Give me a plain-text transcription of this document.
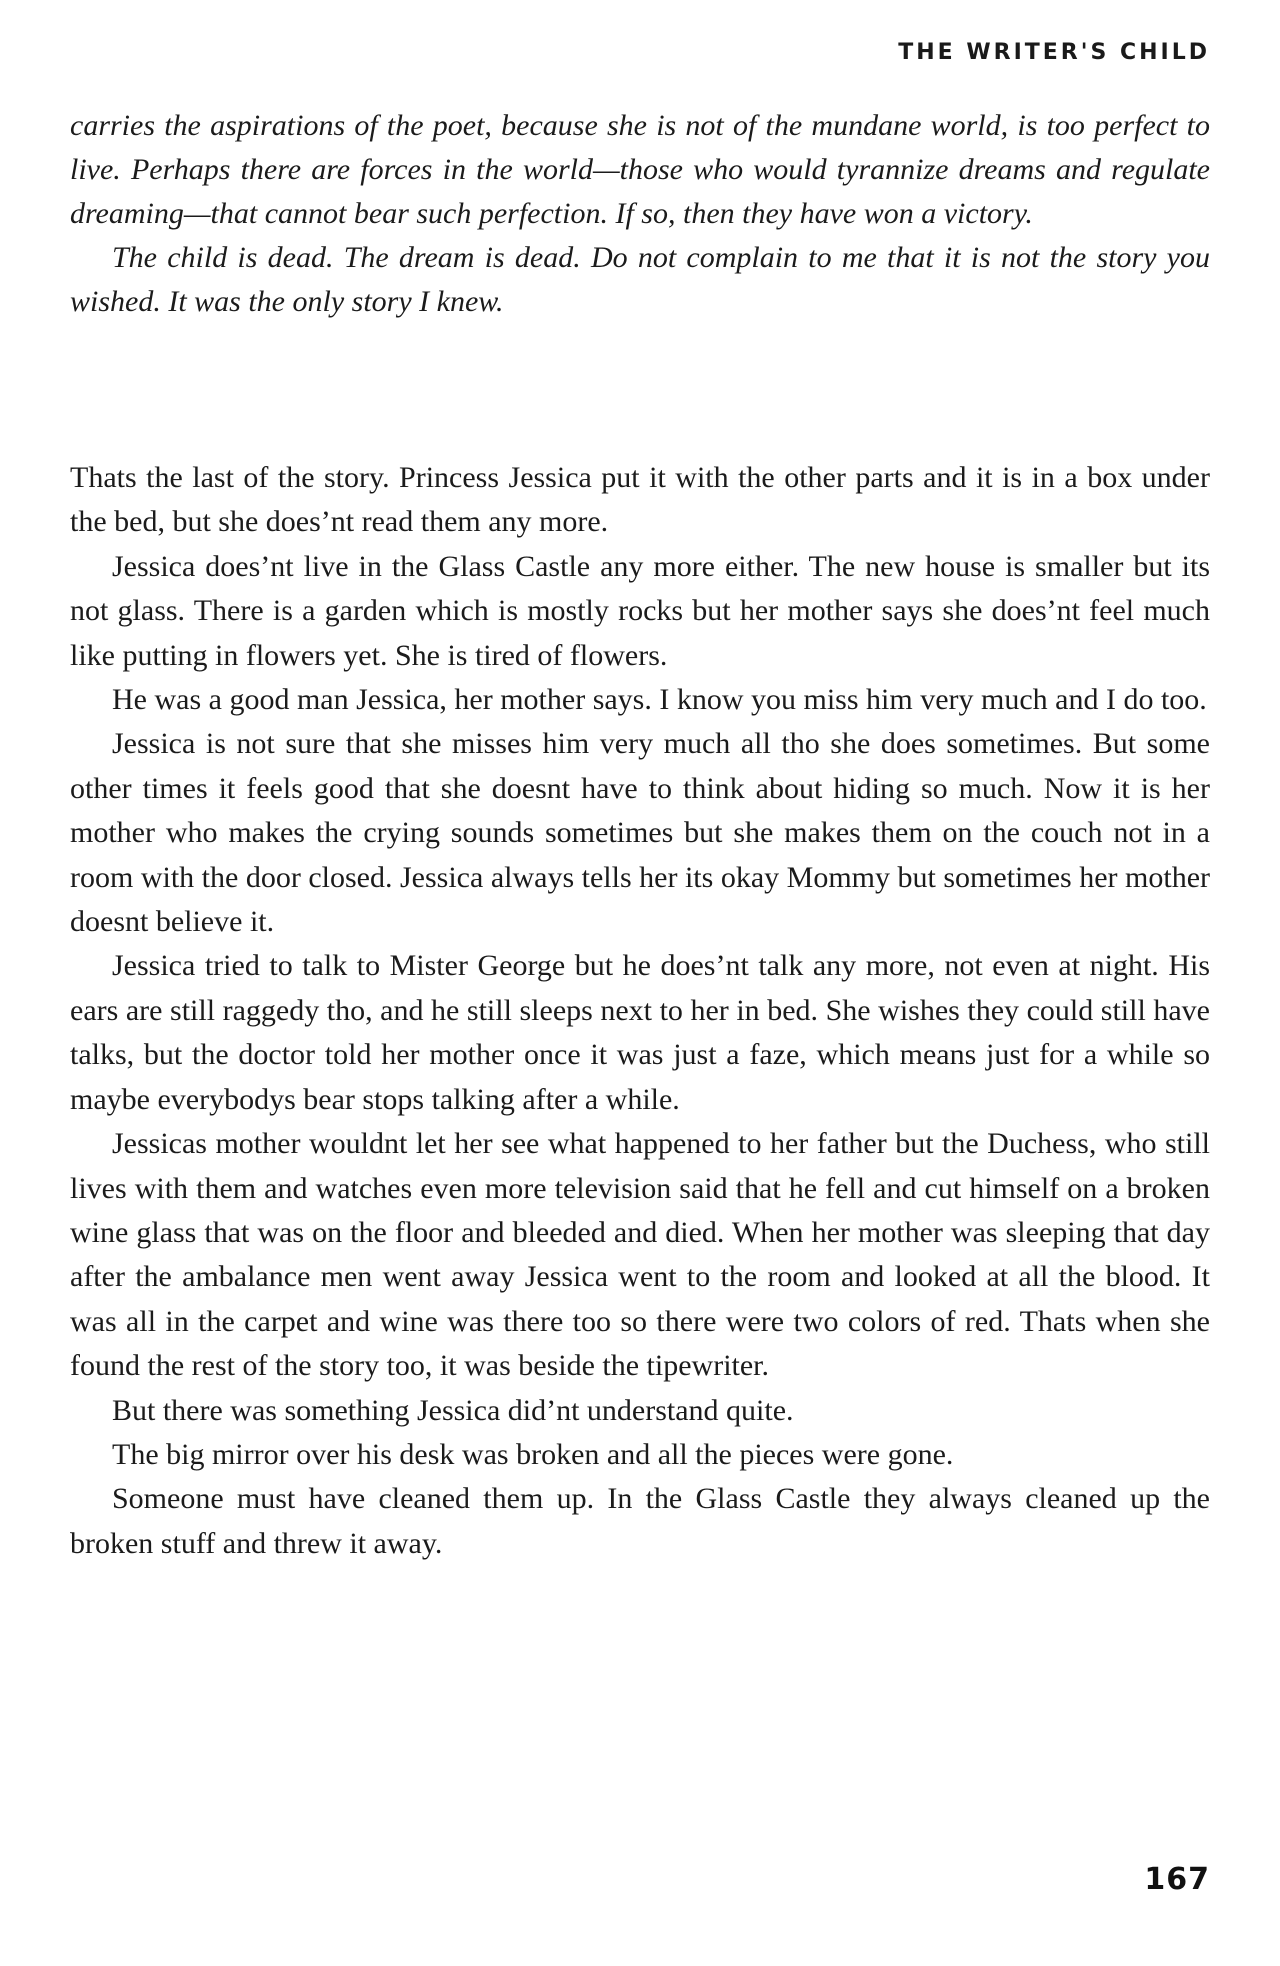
THE WRITER'S CHILD

carries the aspirations of the poet, because she is not of the mundane world, is too perfect to live. Perhaps there are forces in the world—those who would tyrannize dreams and regulate dreaming—that cannot bear such perfection. If so, then they have won a victory.

The child is dead. The dream is dead. Do not complain to me that it is not the story you wished. It was the only story I knew.

Thats the last of the story. Princess Jessica put it with the other parts and it is in a box under the bed, but she does’nt read them any more.

Jessica does’nt live in the Glass Castle any more either. The new house is smaller but its not glass. There is a garden which is mostly rocks but her mother says she does’nt feel much like putting in flowers yet. She is tired of flowers.

He was a good man Jessica, her mother says. I know you miss him very much and I do too.

Jessica is not sure that she misses him very much all tho she does sometimes. But some other times it feels good that she doesnt have to think about hiding so much. Now it is her mother who makes the crying sounds sometimes but she makes them on the couch not in a room with the door closed. Jessica always tells her its okay Mommy but sometimes her mother doesnt believe it.

Jessica tried to talk to Mister George but he does’nt talk any more, not even at night. His ears are still raggedy tho, and he still sleeps next to her in bed. She wishes they could still have talks, but the doctor told her mother once it was just a faze, which means just for a while so maybe everybodys bear stops talking after a while.

Jessicas mother wouldnt let her see what happened to her father but the Duchess, who still lives with them and watches even more television said that he fell and cut himself on a broken wine glass that was on the floor and bleeded and died. When her mother was sleeping that day after the ambalance men went away Jessica went to the room and looked at all the blood. It was all in the carpet and wine was there too so there were two colors of red. Thats when she found the rest of the story too, it was beside the tipewriter.

But there was something Jessica did’nt understand quite.

The big mirror over his desk was broken and all the pieces were gone.

Someone must have cleaned them up. In the Glass Castle they always cleaned up the broken stuff and threw it away.

167
